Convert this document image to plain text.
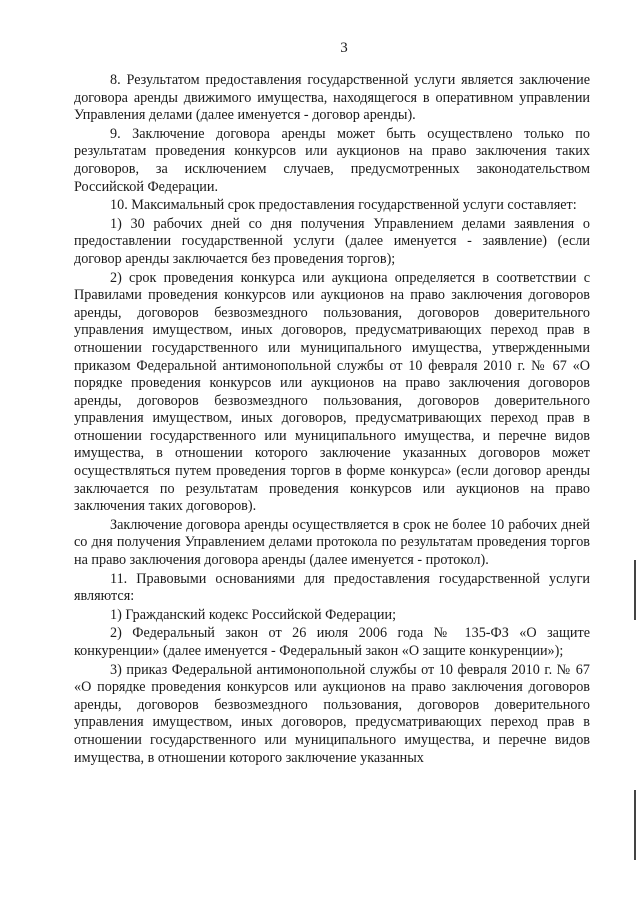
3

8. Результатом предоставления государственной услуги является заключение договора аренды движимого имущества, находящегося в оперативном управлении Управления делами (далее именуется - договор аренды).

9. Заключение договора аренды может быть осуществлено только по результатам проведения конкурсов или аукционов на право заключения таких договоров, за исключением случаев, предусмотренных законодательством Российской Федерации.

10. Максимальный срок предоставления государственной услуги составляет:

1) 30 рабочих дней со дня получения Управлением делами заявления о предоставлении государственной услуги (далее именуется - заявление) (если договор аренды заключается без проведения торгов);

2) срок проведения конкурса или аукциона определяется в соответствии с Правилами проведения конкурсов или аукционов на право заключения договоров аренды, договоров безвозмездного пользования, договоров доверительного управления имуществом, иных договоров, предусматривающих переход прав в отношении государственного или муниципального имущества, утвержденными приказом Федеральной антимонопольной службы от 10 февраля 2010 г. № 67 «О порядке проведения конкурсов или аукционов на право заключения договоров аренды, договоров безвозмездного пользования, договоров доверительного управления имуществом, иных договоров, предусматривающих переход прав в отношении государственного или муниципального имущества, и перечне видов имущества, в отношении которого заключение указанных договоров может осуществляться путем проведения торгов в форме конкурса» (если договор аренды заключается по результатам проведения конкурсов или аукционов на право заключения таких договоров).

Заключение договора аренды осуществляется в срок не более 10 рабочих дней со дня получения Управлением делами протокола по результатам проведения торгов на право заключения договора аренды (далее именуется - протокол).

11. Правовыми основаниями для предоставления государственной услуги являются:

1) Гражданский кодекс Российской Федерации;

2) Федеральный закон от 26 июля 2006 года № 135-ФЗ «О защите конкуренции» (далее именуется - Федеральный закон «О защите конкуренции»);

3) приказ Федеральной антимонопольной службы от 10 февраля 2010 г. № 67 «О порядке проведения конкурсов или аукционов на право заключения договоров аренды, договоров безвозмездного пользования, договоров доверительного управления имуществом, иных договоров, предусматривающих переход прав в отношении государственного или муниципального имущества, и перечне видов имущества, в отношении которого заключение указанных
